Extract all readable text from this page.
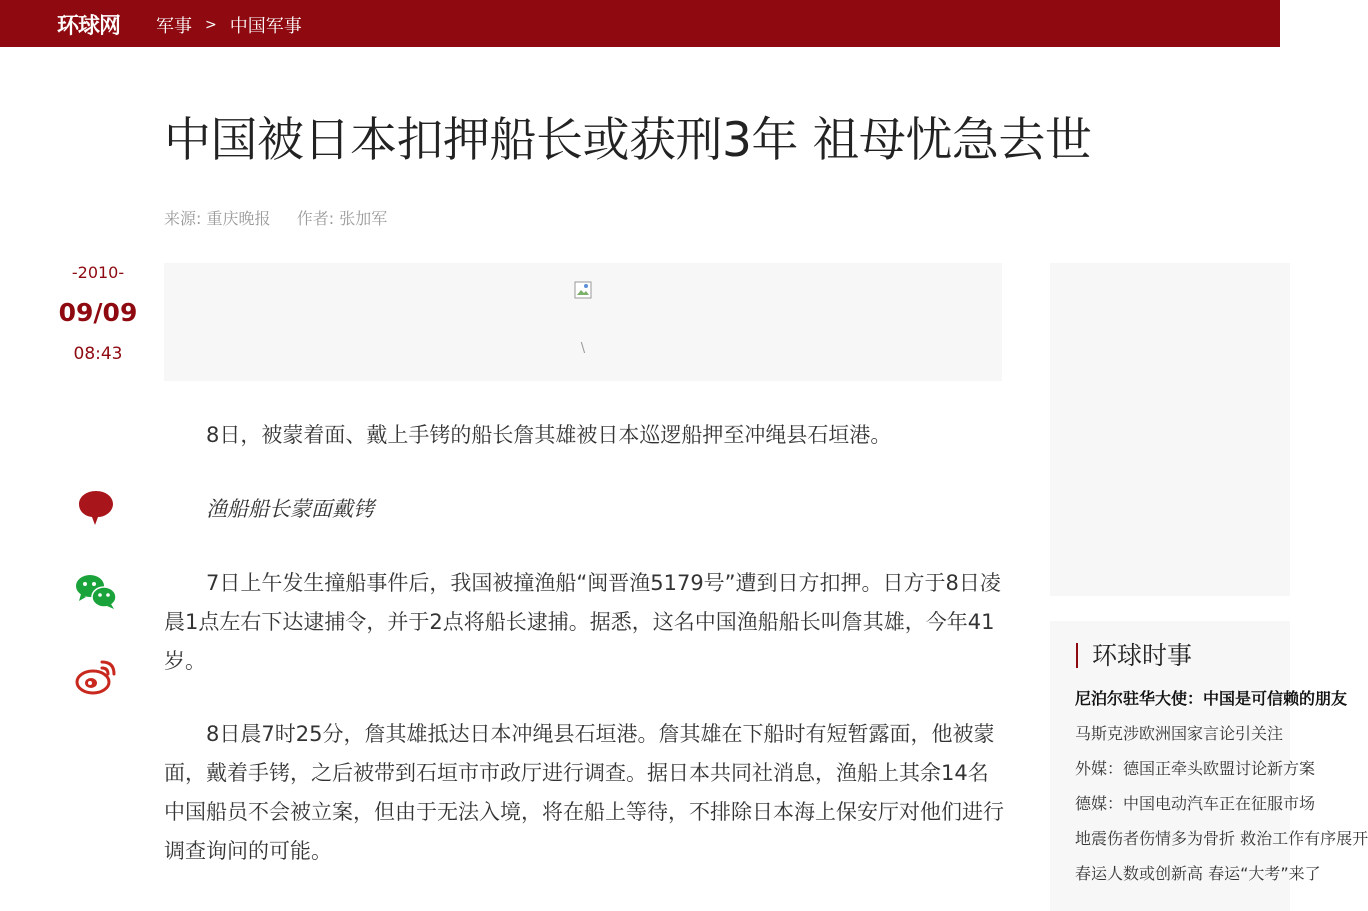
环球网 军事 > 中国军事
中国被日本扣押船长或获刑3年 祖母忧急去世
来源: 重庆晚报 作者: 张加军
-2010-
09/09
08:43	\

8日，被蒙着面、戴上手铐的船长詹其雄被日本巡逻船押至冲绳县石垣港。

渔船船长蒙面戴铐

7日上午发生撞船事件后，我国被撞渔船“闽晋渔5179号”遭到日方扣押。日方于8日凌晨1点左右下达逮捕令，并于2点将船长逮捕。据悉，这名中国渔船船长叫詹其雄，今年41岁。

8日晨7时25分，詹其雄抵达日本冲绳县石垣港。詹其雄在下船时有短暂露面，他被蒙面，戴着手铐，之后被带到石垣市市政厅进行调查。据日本共同社消息，渔船上其余14名中国船员不会被立案，但由于无法入境，将在船上等待，不排除日本海上保安厅对他们进行调查询问的可能。

环球时事
尼泊尔驻华大使：中国是可信赖的朋友
马斯克涉欧洲国家言论引关注
外媒：德国正牵头欧盟讨论新方案
德媒：中国电动汽车正在征服市场
地震伤者伤情多为骨折 救治工作有序展开
春运人数或创新高 春运“大考”来了
